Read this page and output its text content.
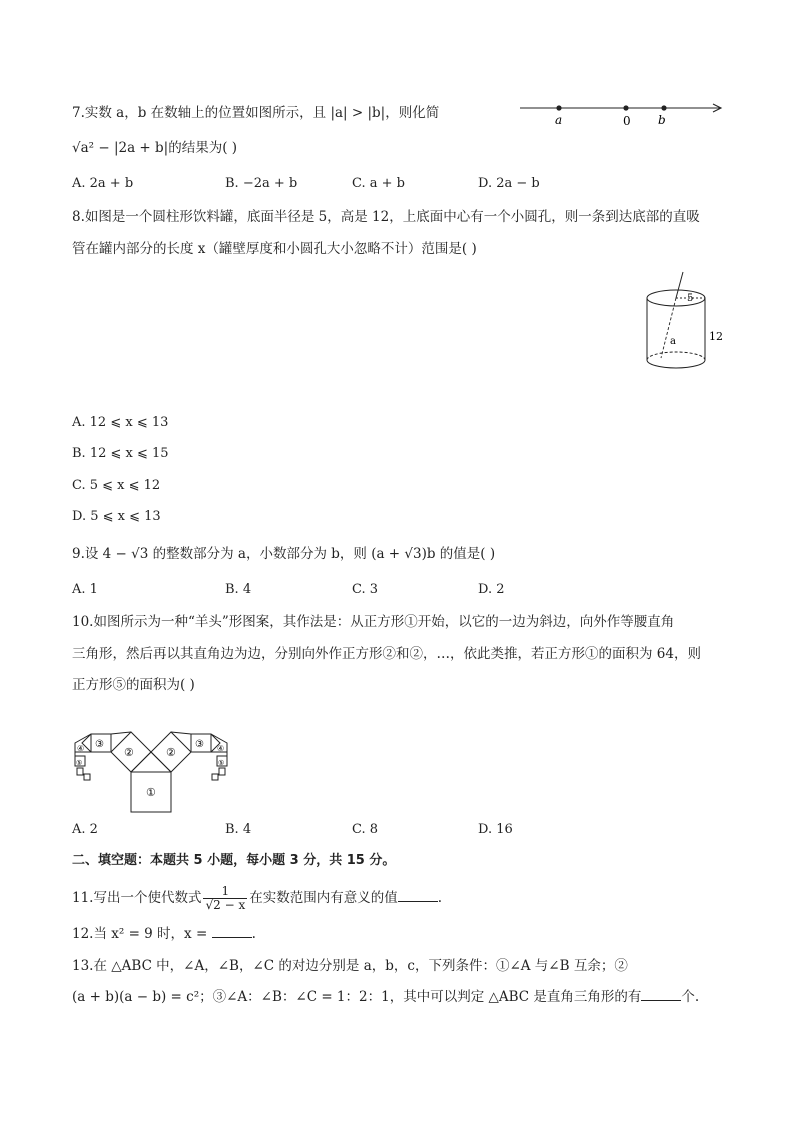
7.实数 a，b 在数轴上的位置如图所示，且 |a| > |b|，则化简
√a² − |2a + b|的结果为( )
a	0 b
A. 2a + b	B. −2a + b	C. a + b	D. 2a − b
8.如图是一个圆柱形饮料罐，底面半径是 5，高是 12，上底面中心有一个小圆孔，则一条到达底部的直吸
管在罐内部分的长度 x（罐壁厚度和小圆孔大小忽略不计）范围是( )
5
12
a
A. 12 ⩽ x ⩽ 13
B. 12 ⩽ x ⩽ 15
C. 5 ⩽ x ⩽ 12
D. 5 ⩽ x ⩽ 13
9.设 4 − √3 的整数部分为 a，小数部分为 b，则 (a + √3)b 的值是( )
A. 1	B. 4	C. 3	D. 2
10.如图所示为一种“羊头”形图案，其作法是：从正方形①开始，以它的一边为斜边，向外作等腰直角
三角形，然后再以其直角边为边，分别向外作正方形②和②，…，依此类推，若正方形①的面积为 64，则
正方形⑤的面积为( )
①
②	②
③	③
④	④
⑤	⑤
A. 2	B. 4	C. 8	D. 16
二、填空题：本题共 5 小题，每小题 3 分，共 15 分。
11.写出一个使代数式 $\frac{1}{√2 - x}$ 在实数范围内有意义的值	.
12.当 x² = 9 时，x =	.
13.在 △ABC 中，∠A，∠B，∠C 的对边分别是 a，b，c，下列条件：①∠A 与∠B 互余；②
(a + b)(a − b) = c²；③∠A：∠B：∠C = 1：2：1，其中可以判定 △ABC 是直角三角形的有	个.
